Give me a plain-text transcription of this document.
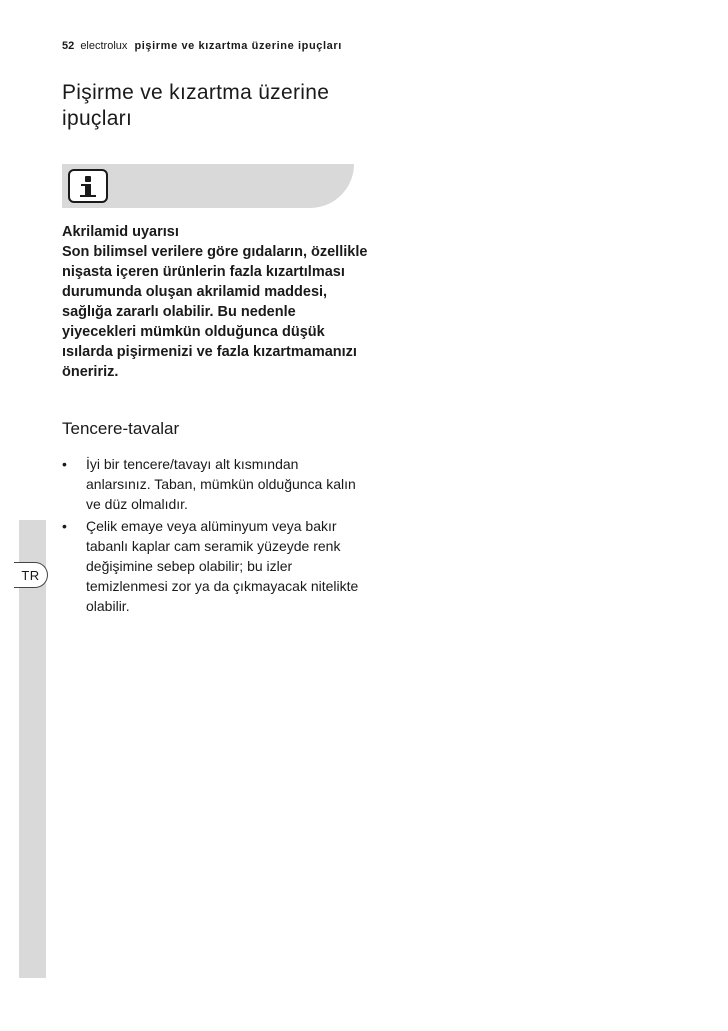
TR
52 electrolux pişirme ve kızartma üzerine ipuçları
Pişirme ve kızartma üzerine ipuçları

Akrilamid uyarısı

Son bilimsel verilere göre gıdaların, özellikle nişasta içeren ürünlerin fazla kızartılması durumunda oluşan akrilamid maddesi, sağlığa zararlı olabilir. Bu nedenle yiyecekleri mümkün olduğunca düşük ısılarda pişirmenizi ve fazla kızartmamanızı öneririz.

Tencere-tavalar
• İyi bir tencere/tavayı alt kısmından anlarsınız. Taban, mümkün olduğunca kalın ve düz olmalıdır.
• Çelik emaye veya alüminyum veya bakır tabanlı kaplar cam seramik yüzeyde renk değişimine sebep olabilir; bu izler temizlenmesi zor ya da çıkmayacak nitelikte olabilir.
